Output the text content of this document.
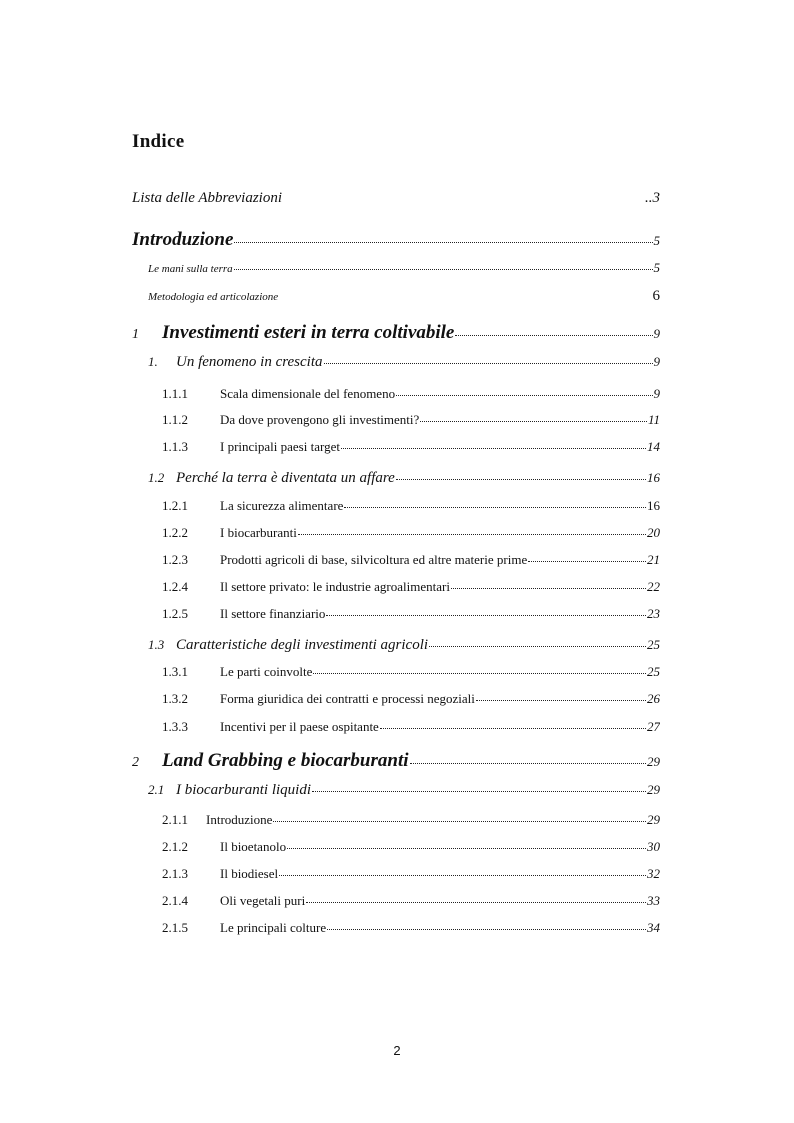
Indice
Lista delle Abbreviazioni	..3
Introduzione	5
Le mani sulla terra	5
Metodologia ed articolazione	6
1	Investimenti esteri in terra coltivabile	9
1.	Un fenomeno in crescita	9
1.1.1	Scala dimensionale del fenomeno	9
1.1.2	Da dove provengono gli investimenti?	11
1.1.3	I principali paesi target	14
1.2 Perché la terra è diventata un affare	16
1.2.1	La sicurezza alimentare	16
1.2.2	I biocarburanti	20
1.2.3	Prodotti agricoli di base, silvicoltura ed altre materie prime	21
1.2.4	Il settore privato: le industrie agroalimentari	22
1.2.5	Il settore finanziario	23
1.3 Caratteristiche degli investimenti agricoli	25
1.3.1	Le parti coinvolte	25
1.3.2	Forma giuridica dei contratti e processi negoziali	26
1.3.3	Incentivi per il paese ospitante	27
2	Land Grabbing e biocarburanti	29
2.1 I biocarburanti liquidi	29
2.1.1	Introduzione	29
2.1.2	Il bioetanolo	30
2.1.3	Il biodiesel	32
2.1.4	Oli vegetali puri	33
2.1.5	Le principali colture	34
2
